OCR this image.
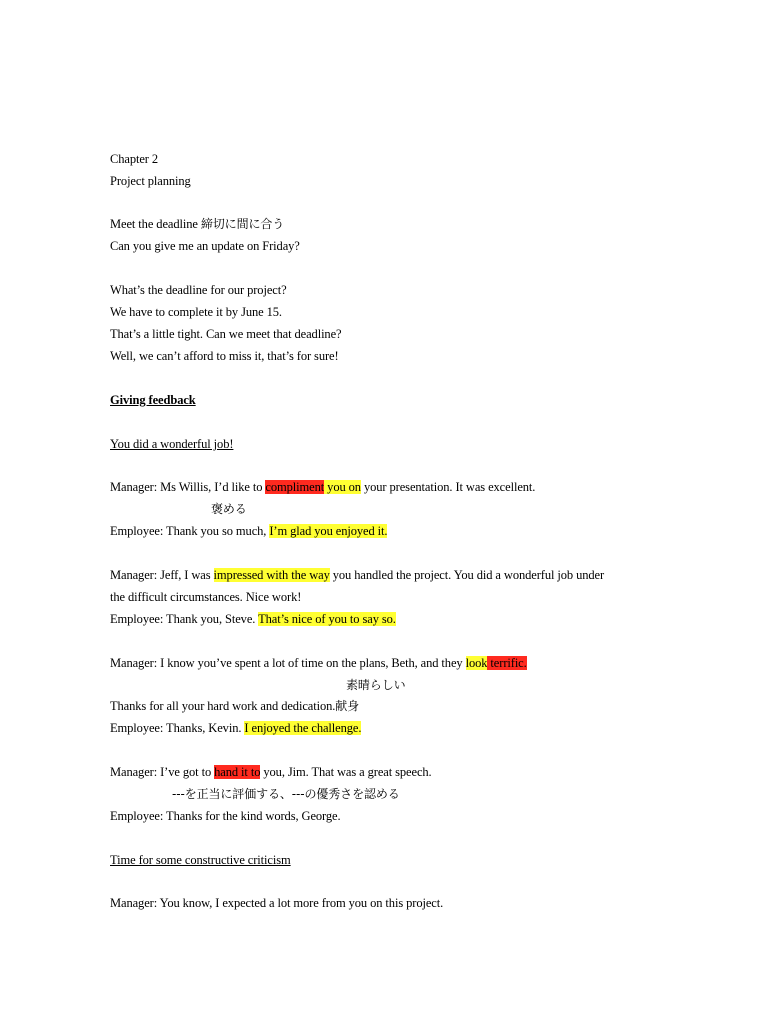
Chapter 2
Project planning
Meet the deadline 締切に間に合う
Can you give me an update on Friday?
What’s the deadline for our project?
We have to complete it by June 15.
That’s a little tight. Can we meet that deadline?
Well, we can’t afford to miss it, that’s for sure!
Giving feedback
You did a wonderful job!
Manager: Ms Willis, I’d like to compliment you on your presentation. It was excellent.
褒める
Employee: Thank you so much, I’m glad you enjoyed it.
Manager: Jeff, I was impressed with the way you handled the project. You did a wonderful job under
the difficult circumstances. Nice work!
Employee: Thank you, Steve. That’s nice of you to say so.
Manager: I know you’ve spent a lot of time on the plans, Beth, and they look terrific.
素晴らしい
Thanks for all your hard work and dedication.献身
Employee: Thanks, Kevin. I enjoyed the challenge.
Manager: I’ve got to hand it to you, Jim. That was a great speech.
---を正当に評価する、---の優秀さを認める
Employee: Thanks for the kind words, George.
Time for some constructive criticism
Manager: You know, I expected a lot more from you on this project.
